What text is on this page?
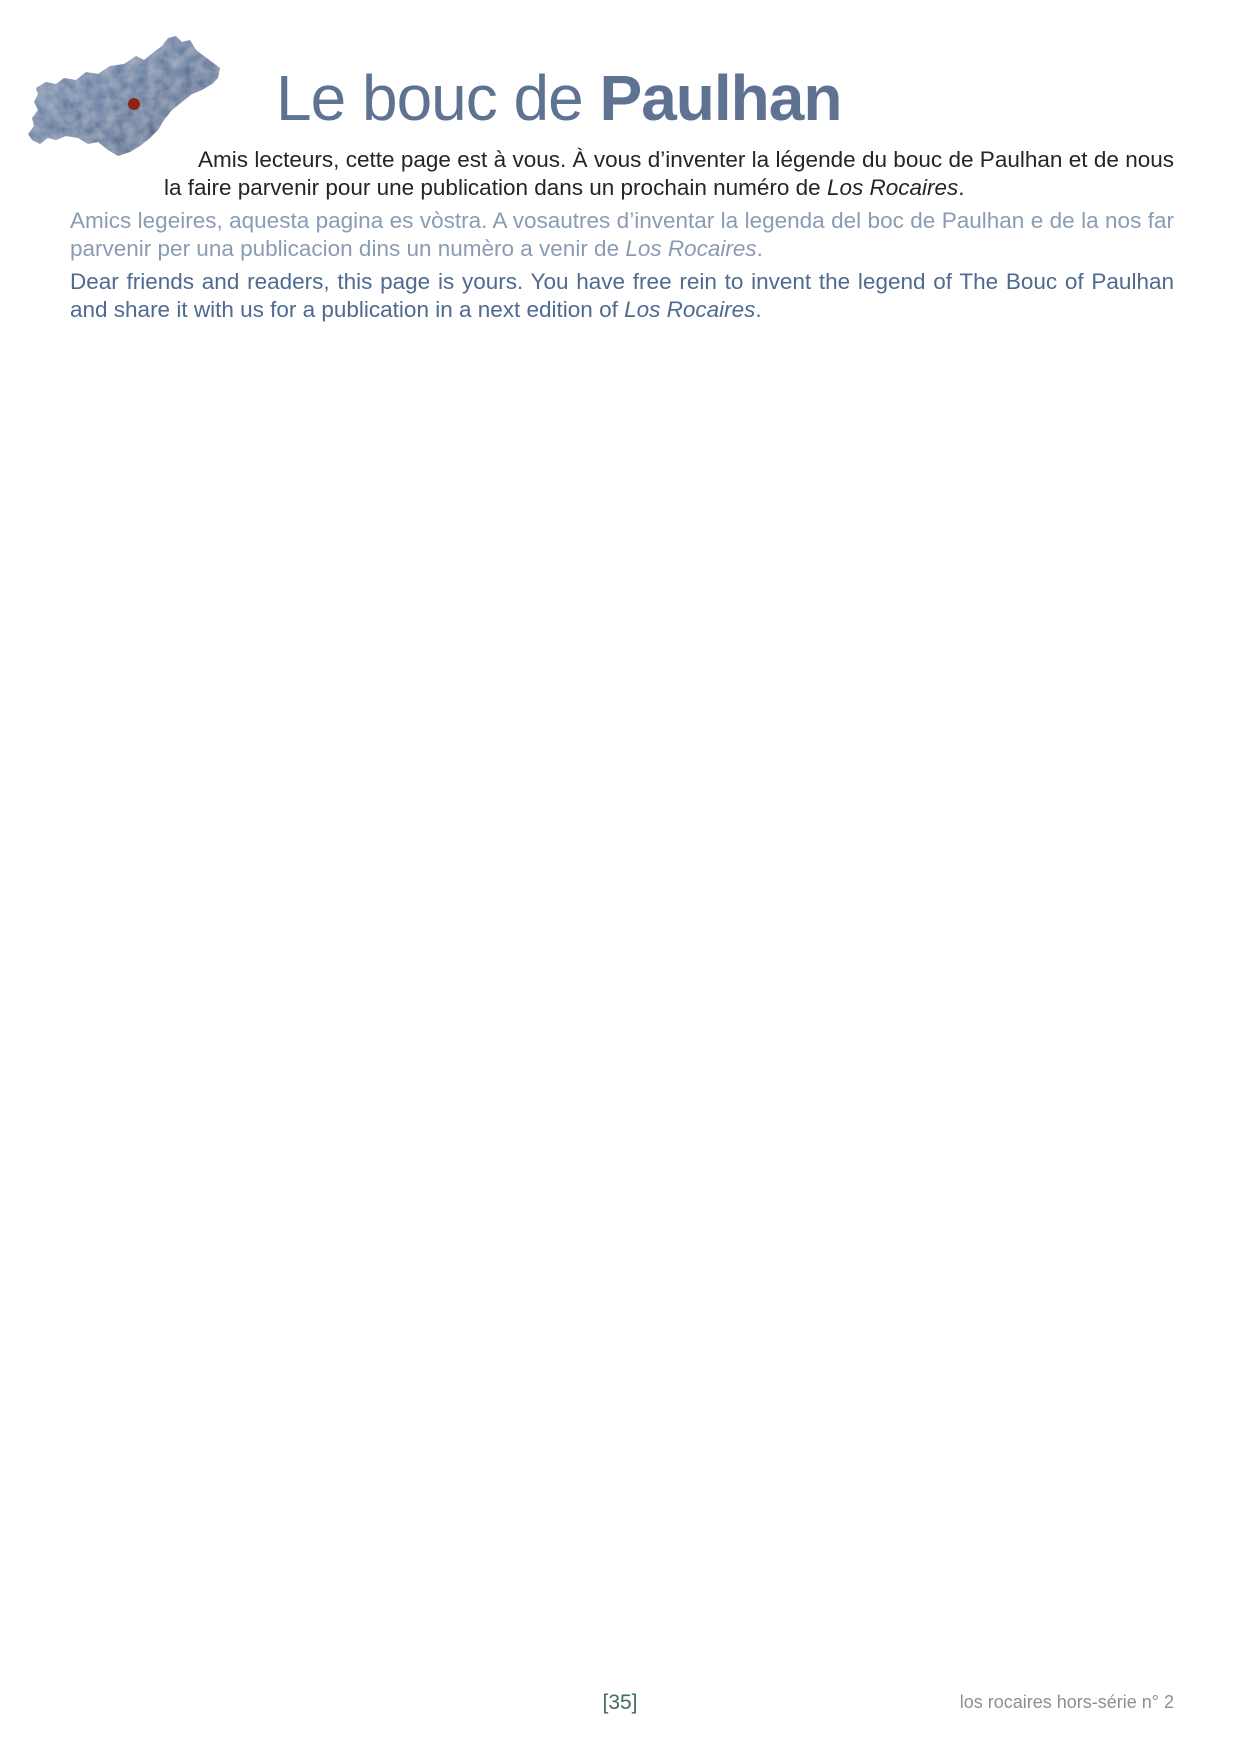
Le bouc de Paulhan

Amis lecteurs, cette page est à vous. À vous d’inventer la légende du bouc de Paulhan et de nous la faire parvenir pour une publication dans un prochain numéro de Los Rocaires.

Amics legeires, aquesta pagina es vòstra. A vosautres d’inventar la legenda del boc de Paulhan e de la nos far parvenir per una publicacion dins un numèro a venir de Los Rocaires.

Dear friends and readers, this page is yours. You have free rein to invent the legend of The Bouc of Paulhan and share it with us for a publication in a next edition of Los Rocaires.

[35]	los rocaires hors-série n° 2
